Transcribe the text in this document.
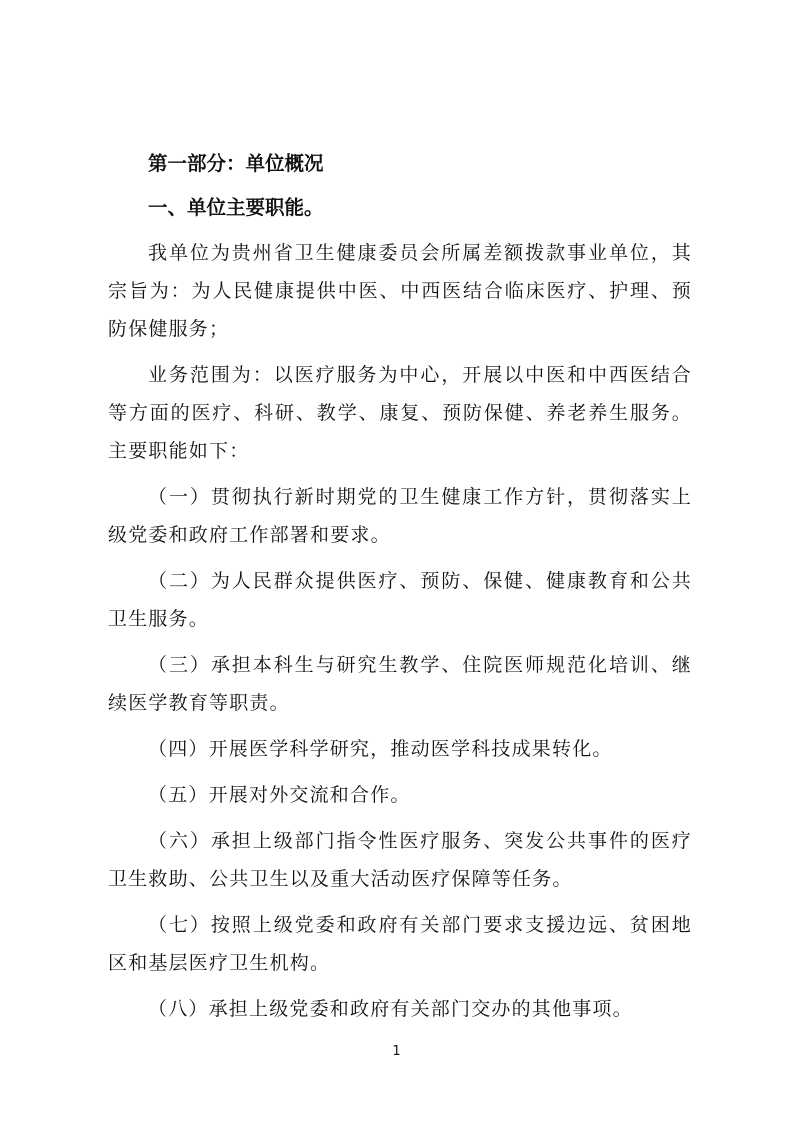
第一部分：单位概况

一、单位主要职能。

我单位为贵州省卫生健康委员会所属差额拨款事业单位，其宗旨为：为人民健康提供中医、中西医结合临床医疗、护理、预防保健服务；

业务范围为：以医疗服务为中心，开展以中医和中西医结合等方面的医疗、科研、教学、康复、预防保健、养老养生服务。主要职能如下：

（一）贯彻执行新时期党的卫生健康工作方针，贯彻落实上级党委和政府工作部署和要求。

（二）为人民群众提供医疗、预防、保健、健康教育和公共卫生服务。

（三）承担本科生与研究生教学、住院医师规范化培训、继续医学教育等职责。

（四）开展医学科学研究，推动医学科技成果转化。

（五）开展对外交流和合作。

（六）承担上级部门指令性医疗服务、突发公共事件的医疗卫生救助、公共卫生以及重大活动医疗保障等任务。

（七）按照上级党委和政府有关部门要求支援边远、贫困地区和基层医疗卫生机构。

（八）承担上级党委和政府有关部门交办的其他事项。

1
